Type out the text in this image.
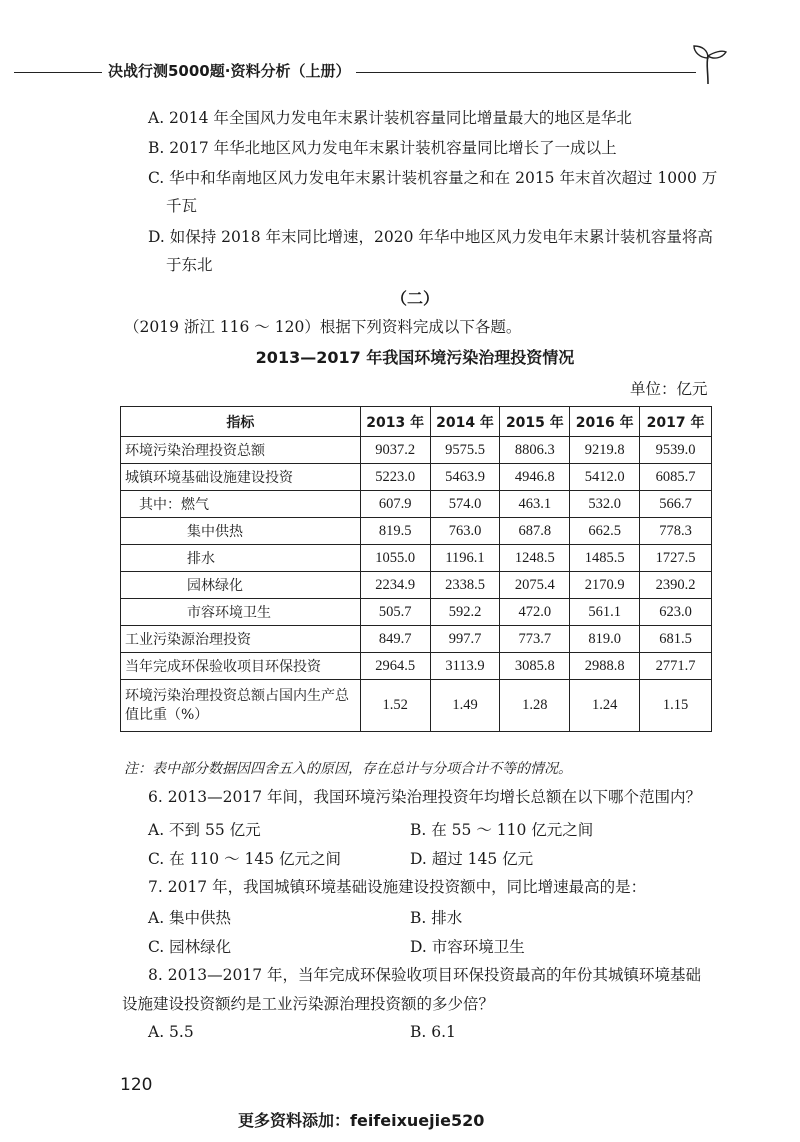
决战行测5000题·资料分析（上册）
A. 2014 年全国风力发电年末累计装机容量同比增量最大的地区是华北
B. 2017 年华北地区风力发电年末累计装机容量同比增长了一成以上
C. 华中和华南地区风力发电年末累计装机容量之和在 2015 年末首次超过 1000 万
千瓦
D. 如保持 2018 年末同比增速，2020 年华中地区风力发电年末累计装机容量将高
于东北
（二）
（2019 浙江 116 ～ 120）根据下列资料完成以下各题。
2013—2017 年我国环境污染治理投资情况
单位：亿元
指标	2013 年	2014 年	2015 年	2016 年	2017 年
环境污染治理投资总额	9037.2	9575.5	8806.3	9219.8	9539.0
城镇环境基础设施建设投资	5223.0	5463.9	4946.8	5412.0	6085.7
其中：燃气	607.9	574.0	463.1	532.0	566.7
集中供热	819.5	763.0	687.8	662.5	778.3
排水	1055.0	1196.1	1248.5	1485.5	1727.5
园林绿化	2234.9	2338.5	2075.4	2170.9	2390.2
市容环境卫生	505.7	592.2	472.0	561.1	623.0
工业污染源治理投资	849.7	997.7	773.7	819.0	681.5
当年完成环保验收项目环保投资	2964.5	3113.9	3085.8	2988.8	2771.7
环境污染治理投资总额占国内生产总值比重（%）	1.52	1.49	1.28	1.24	1.15
注：表中部分数据因四舍五入的原因，存在总计与分项合计不等的情况。
6. 2013—2017 年间，我国环境污染治理投资年均增长总额在以下哪个范围内？
A. 不到 55 亿元	B. 在 55 ～ 110 亿元之间
C. 在 110 ～ 145 亿元之间	D. 超过 145 亿元
7. 2017 年，我国城镇环境基础设施建设投资额中，同比增速最高的是：
A. 集中供热	B. 排水
C. 园林绿化	D. 市容环境卫生
8. 2013—2017 年，当年完成环保验收项目环保投资最高的年份其城镇环境基础
设施建设投资额约是工业污染源治理投资额的多少倍？
A. 5.5	B. 6.1
120
更多资料添加：feifeixuejie520
